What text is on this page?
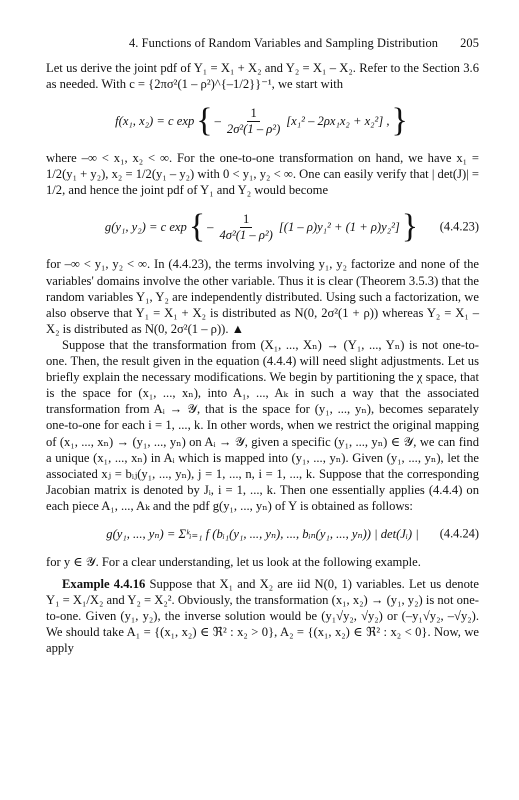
4. Functions of Random Variables and Sampling Distribution 205

Let us derive the joint pdf of Y₁ = X₁ + X₂ and Y₂ = X₁ – X₂. Refer to the Section 3.6 as needed. With c = {2πσ²(1 – ρ²)^{–1/2}}⁻¹, we start with

f(x₁, x₂) = c exp { – $\frac{1}{\text{2σ²(1 – ρ²)}} [x_1^2 - 2\rho x_1x_2 + x_2^2]$ , }

where –∞ < x₁, x₂ < ∞. For the one-to-one transformation on hand, we have x₁ = 1/2(y₁ + y₂), x₂ = 1/2(y₁ – y₂) with 0 < y₁, y₂ < ∞. One can easily verify that | det(J)| = 1/2, and hence the joint pdf of Y₁ and Y₂ would become

g(y₁, y₂) = c exp { – $\frac{1}{\text{4σ²(1 – ρ²)}} [(1 - \rho)y_1^2 + (1 + \rho)y_2^2]$ } (4.4.23)

for –∞ < y₁, y₂ < ∞. In (4.4.23), the terms involving y₁, y₂ factorize and none of the variables' domains involve the other variable. Thus it is clear (Theorem 3.5.3) that the random variables Y₁, Y₂ are independently distributed. Using such a factorization, we also observe that Y₁ = X₁ + X₂ is distributed as N(0, 2σ²(1 + ρ)) whereas Y₂ = X₁ – X₂ is distributed as N(0, 2σ²(1 – ρ)). ▲

Suppose that the transformation from (X₁, ..., Xₙ) → (Y₁, ..., Yₙ) is not one-to-one. Then, the result given in the equation (4.4.4) will need slight adjustments. Let us briefly explain the necessary modifications. We begin by partitioning the χ space, that is the space for (x₁, ..., xₙ), into A₁, ..., Aₖ in such a way that the associated transformation from Aᵢ → 𝒴, that is the space for (y₁, ..., yₙ), becomes separately one-to-one for each i = 1, ..., k. In other words, when we restrict the original mapping of (x₁, ..., xₙ) → (y₁, ..., yₙ) on Aᵢ → 𝒴, given a specific (y₁, ..., yₙ) ∈ 𝒴, we can find a unique (x₁, ..., xₙ) in Aᵢ which is mapped into (y₁, ..., yₙ). Given (y₁, ..., yₙ), let the associated xⱼ = bᵢⱼ(y₁, ..., yₙ), j = 1, ..., n, i = 1, ..., k. Suppose that the corresponding Jacobian matrix is denoted by Jᵢ, i = 1, ..., k. Then one essentially applies (4.4.4) on each piece A₁, ..., Aₖ and the pdf g(y₁, ..., yₙ) of Y is obtained as follows:

g(y₁, ..., yₙ) = Σᵏᵢ₌₁ f (bᵢ₁(y₁, ..., yₙ), ..., bᵢₙ(y₁, ..., yₙ)) | det(Jᵢ) | (4.4.24)

for y ∈ 𝒴. For a clear understanding, let us look at the following example.

Example 4.4.16 Suppose that X₁ and X₂ are iid N(0, 1) variables. Let us denote Y₁ = X₁/X₂ and Y₂ = X₂². Obviously, the transformation (x₁, x₂) → (y₁, y₂) is not one-to-one. Given (y₁, y₂), the inverse solution would be (y₁√y₂, √y₂) or (–y₁√y₂, –√y₂). We should take A₁ = {(x₁, x₂) ∈ ℜ² : x₂ > 0}, A₂ = {(x₁, x₂) ∈ ℜ² : x₂ < 0}. Now, we apply
